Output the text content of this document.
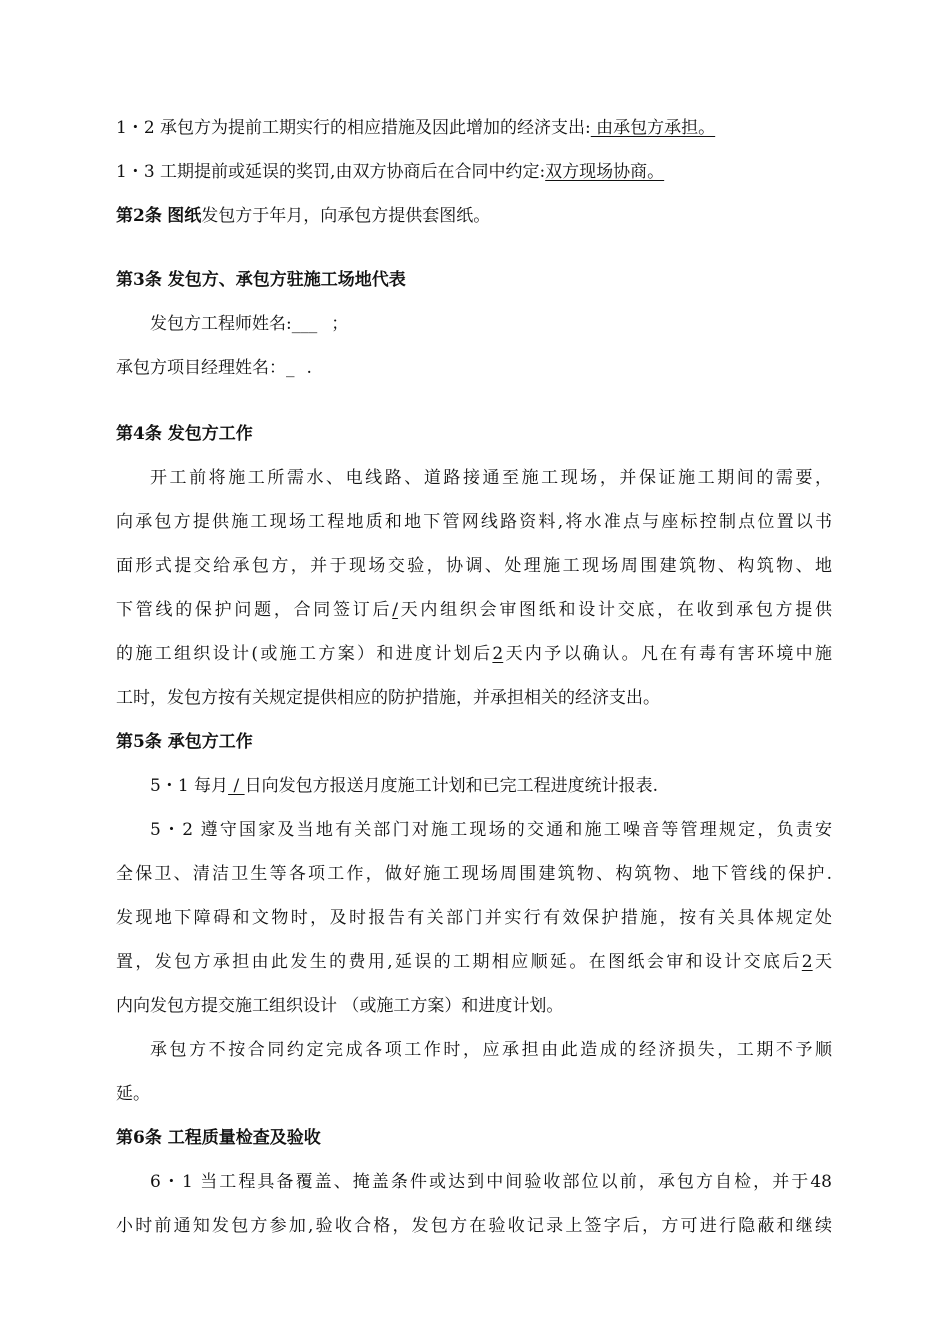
1・2 承包方为提前工期实行的相应措施及因此增加的经济支出: 由承包方承担。
1・3 工期提前或延误的奖罚,由双方协商后在合同中约定:双方现场协商。
第2条 图纸发包方于年月，向承包方提供套图纸。
第3条 发包方、承包方驻施工场地代表
发包方工程师姓名:___ ；
承包方项目经理姓名：_ .
第4条 发包方工作
开工前将施工所需水、电线路、道路接通至施工现场，并保证施工期间的需要，
向承包方提供施工现场工程地质和地下管网线路资料,将水准点与座标控制点位置以书
面形式提交给承包方，并于现场交验，协调、处理施工现场周围建筑物、构筑物、地
下管线的保护问题，合同签订后/天内组织会审图纸和设计交底，在收到承包方提供
的施工组织设计(或施工方案）和进度计划后2天内予以确认。凡在有毒有害环境中施
工时，发包方按有关规定提供相应的防护措施，并承担相关的经济支出。
第5条 承包方工作
5・1 每月 / 日向发包方报送月度施工计划和已完工程进度统计报表.
5・2 遵守国家及当地有关部门对施工现场的交通和施工噪音等管理规定，负责安
全保卫、清洁卫生等各项工作，做好施工现场周围建筑物、构筑物、地下管线的保护.
发现地下障碍和文物时，及时报告有关部门并实行有效保护措施，按有关具体规定处
置，发包方承担由此发生的费用,延误的工期相应顺延。在图纸会审和设计交底后2天
内向发包方提交施工组织设计 （或施工方案）和进度计划。
承包方不按合同约定完成各项工作时，应承担由此造成的经济损失，工期不予顺
延。
第6条 工程质量检查及验收
6・1 当工程具备覆盖、掩盖条件或达到中间验收部位以前，承包方自检，并于48
小时前通知发包方参加,验收合格，发包方在验收记录上签字后，方可进行隐蔽和继续
